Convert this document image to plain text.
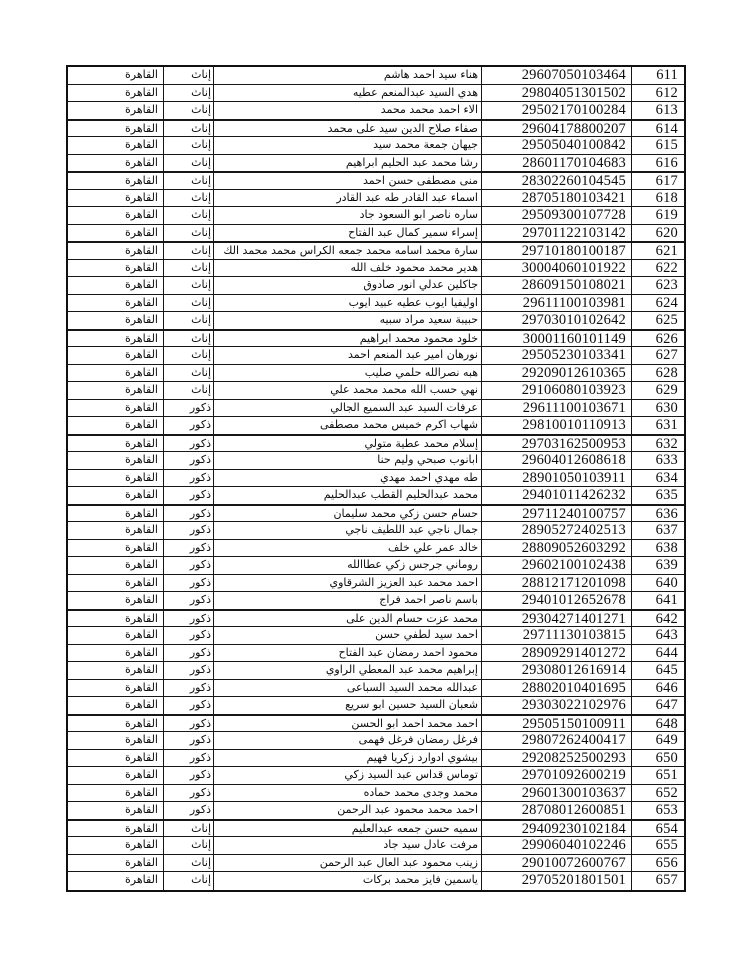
القاهرة	إناث	هناء سيد احمد هاشم	29607050103464	611
القاهرة	إناث	هدي السيد عبدالمنعم عطيه	29804051301502	612
القاهرة	إناث	الاء احمد محمد محمد	29502170100284	613
القاهرة	إناث	صفاء صلاح الدين سيد على محمد	29604178800207	614
القاهرة	إناث	جيهان جمعة محمد سيد	29505040100842	615
القاهرة	إناث	رشا محمد عبد الحليم ابراهيم	28601170104683	616
القاهرة	إناث	منى مصطفى حسن احمد	28302260104545	617
القاهرة	إناث	اسماء عبد القادر طه عبد القادر	28705180103421	618
القاهرة	إناث	ساره ناصر ابو السعود جاد	29509300107728	619
القاهرة	إناث	إسراء سمير كمال عبد الفتاح	29701122103142	620
القاهرة	إناث	سارة محمد اسامه محمد جمعه الكراس محمد محمد الك	29710180100187	621
القاهرة	إناث	هدير محمد محمود خلف الله	30004060101922	622
القاهرة	إناث	جاكلين عدلي انور صادوق	28609150108021	623
القاهرة	إناث	اوليفيا ايوب عطيه عبيد ايوب	29611100103981	624
القاهرة	إناث	حبيبة سعيد مراد سبيه	29703010102642	625
القاهرة	إناث	خلود محمود محمد ابراهيم	30001160101149	626
القاهرة	إناث	نورهان امير عبد المنعم احمد	29505230103341	627
القاهرة	إناث	هبه نصرالله حلمي صليب	29209012610365	628
القاهرة	إناث	نهي حسب الله محمد محمد علي	29106080103923	629
القاهرة	ذكور	عرفات السيد عبد السميع الجالي	29611100103671	630
القاهرة	ذكور	شهاب اكرم خميس محمد مصطفى	29810010110913	631
القاهرة	ذكور	إسلام محمد عطية متولي	29703162500953	632
القاهرة	ذكور	ابانوب صبحي وليم حنا	29604012608618	633
القاهرة	ذكور	طه مهدي احمد مهدي	28901050103911	634
القاهرة	ذكور	محمد عبدالحليم القطب عبدالحليم	29401011426232	635
القاهرة	ذكور	حسام حسن زكي محمد سليمان	29711240100757	636
القاهرة	ذكور	جمال ناجي عبد اللطيف ناجي	28905272402513	637
القاهرة	ذكور	خالد عمر علي خلف	28809052603292	638
القاهرة	ذكور	روماني جرجس زكي عطاالله	29602100102438	639
القاهرة	ذكور	احمد محمد عبد العزيز الشرقاوي	28812171201098	640
القاهرة	ذكور	باسم ناصر احمد فراج	29401012652678	641
القاهرة	ذكور	محمد عزت حسام الدين على	29304271401271	642
القاهرة	ذكور	احمد سيد لطفي حسن	29711130103815	643
القاهرة	ذكور	محمود احمد رمضان عبد الفتاح	28909291401272	644
القاهرة	ذكور	إبراهيم محمد عبد المعطي الراوي	29308012616914	645
القاهرة	ذكور	عبدالله محمد السيد السباعى	28802010401695	646
القاهرة	ذكور	شعبان السيد حسين ابو سريع	29303022102976	647
القاهرة	ذكور	احمد محمد احمد ابو الحسن	29505150100911	648
القاهرة	ذكور	فرغل رمضان فرغل فهمى	29807262400417	649
القاهرة	ذكور	بيشوي ادوارد زكريا فهيم	29208252500293	650
القاهرة	ذكور	توماس قداس عبد السيد زكي	29701092600219	651
القاهرة	ذكور	محمد وجدى محمد حماده	29601300103637	652
القاهرة	ذكور	احمد محمد محمود عبد الرحمن	28708012600851	653
القاهرة	إناث	سميه حسن جمعه عبدالعليم	29409230102184	654
القاهرة	إناث	مرفت عادل سيد جاد	29906040102246	655
القاهرة	إناث	زينب محمود عبد العال عبد الرحمن	29010072600767	656
القاهرة	إناث	ياسمين فايز محمد بركات	29705201801501	657
